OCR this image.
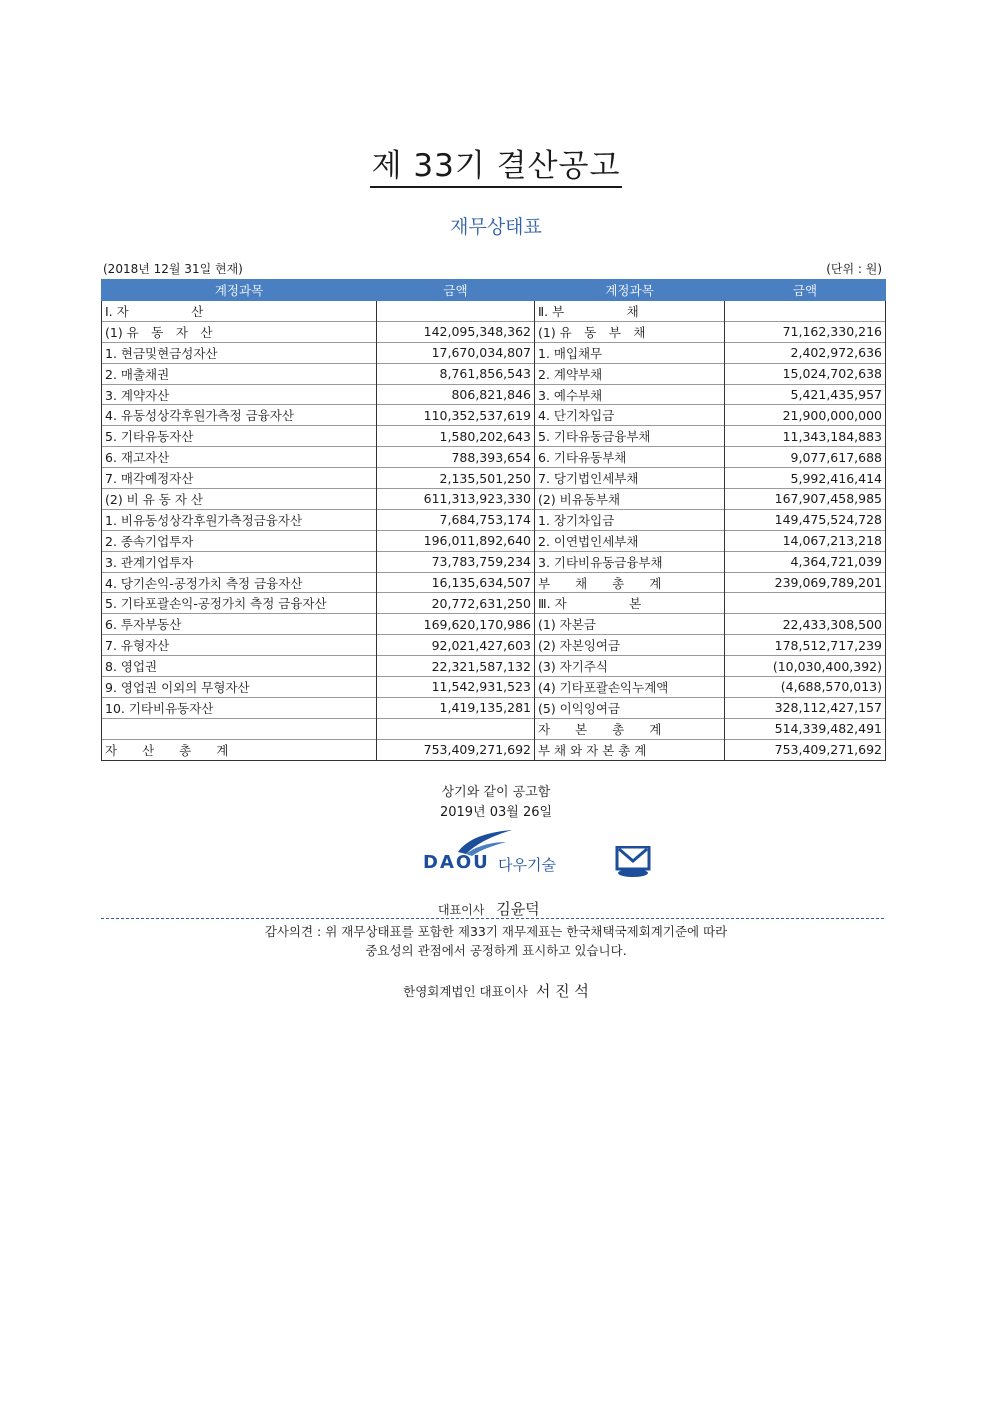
제 33기 결산공고
재무상태표
(2018년 12월 31일 현재)	(단위 : 원)
계정과목	금액	계정과목	금액
Ⅰ. 자　　　　　산		Ⅱ. 부　　　　　채	
(1) 유　동　자　산	142,095,348,362	(1) 유　동　부　채	71,162,330,216
1. 현금및현금성자산	17,670,034,807	1. 매입채무	2,402,972,636
2. 매출채권	8,761,856,543	2. 계약부채	15,024,702,638
3. 계약자산	806,821,846	3. 예수부채	5,421,435,957
4. 유동성상각후원가측정 금융자산	110,352,537,619	4. 단기차입금	21,900,000,000
5. 기타유동자산	1,580,202,643	5. 기타유동금융부채	11,343,184,883
6. 재고자산	788,393,654	6. 기타유동부채	9,077,617,688
7. 매각예정자산	2,135,501,250	7. 당기법인세부채	5,992,416,414
(2) 비 유 동 자 산	611,313,923,330	(2) 비유동부채	167,907,458,985
1. 비유동성상각후원가측정금융자산	7,684,753,174	1. 장기차입금	149,475,524,728
2. 종속기업투자	196,011,892,640	2. 이연법인세부채	14,067,213,218
3. 관계기업투자	73,783,759,234	3. 기타비유동금융부채	4,364,721,039
4. 당기손익-공정가치 측정 금융자산	16,135,634,507	부　　채　　총　　계	239,069,789,201
5. 기타포괄손익-공정가치 측정 금융자산	20,772,631,250	Ⅲ. 자　　　　　본	
6. 투자부동산	169,620,170,986	(1) 자본금	22,433,308,500
7. 유형자산	92,021,427,603	(2) 자본잉여금	178,512,717,239
8. 영업권	22,321,587,132	(3) 자기주식	(10,030,400,392)
9. 영업권 이외의 무형자산	11,542,931,523	(4) 기타포괄손익누계액	(4,688,570,013)
10. 기타비유동자산	1,419,135,281	(5) 이익잉여금	328,112,427,157
		자　　본　　총　　계	514,339,482,491
자　　산　　총　　계	753,409,271,692	부 채 와 자 본 총 계	753,409,271,692
상기와 같이 공고함
2019년 03월 26일
DAOU 다우기술
대표이사 김윤덕
감사의견 : 위 재무상태표를 포함한 제33기 재무제표는 한국채택국제회계기준에 따라
중요성의 관점에서 공정하게 표시하고 있습니다.
한영회계법인 대표이사 서 진 석
